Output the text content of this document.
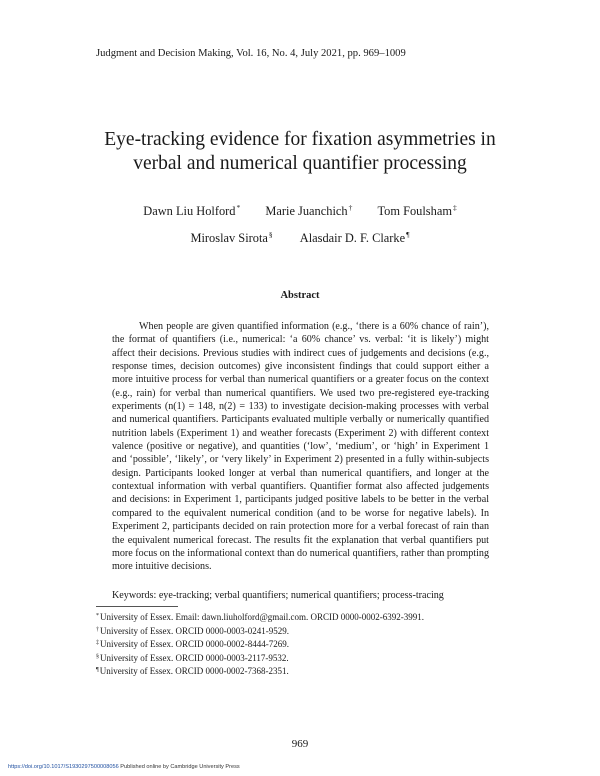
Judgment and Decision Making, Vol. 16, No. 4, July 2021, pp. 969–1009
Eye-tracking evidence for fixation asymmetries in
verbal and numerical quantifier processing
Dawn Liu Holford* Marie Juanchich† Tom Foulsham‡
Miroslav Sirota§ Alasdair D. F. Clarke¶
Abstract

When people are given quantified information (e.g., ‘there is a 60% chance of rain’), the format of quantifiers (i.e., numerical: ‘a 60% chance’ vs. verbal: ‘it is likely’) might affect their decisions. Previous studies with indirect cues of judgements and decisions (e.g., response times, decision outcomes) give inconsistent findings that could support either a more intuitive process for verbal than numerical quantifiers or a greater focus on the context (e.g., rain) for verbal than numerical quantifiers. We used two pre-registered eye-tracking experiments (n(1) = 148, n(2) = 133) to investigate decision-making processes with verbal and numerical quantifiers. Participants evaluated multiple verbally or numerically quantified nutrition labels (Experiment 1) and weather forecasts (Experiment 2) with different context valence (positive or negative), and quantities (‘low’, ‘medium’, or ‘high’ in Experiment 1 and ‘possible’, ‘likely’, or ‘very likely’ in Experiment 2) presented in a fully within-subjects design. Participants looked longer at verbal than numerical quantifiers, and longer at the contextual information with verbal quantifiers. Quantifier format also affected judgements and decisions: in Experiment 1, participants judged positive labels to be better in the verbal compared to the equivalent numerical condition (and to be worse for negative labels). In Experiment 2, participants decided on rain protection more for a verbal forecast of rain than the equivalent numerical forecast. The results fit the explanation that verbal quantifiers put more focus on the informational context than do numerical quantifiers, rather than prompting more intuitive decisions.

Keywords: eye-tracking; verbal quantifiers; numerical quantifiers; process-tracing
*University of Essex. Email: dawn.liuholford@gmail.com. ORCID 0000-0002-6392-3991.
†University of Essex. ORCID 0000-0003-0241-9529.
‡University of Essex. ORCID 0000-0002-8444-7269.
§University of Essex. ORCID 0000-0003-2117-9532.
¶University of Essex. ORCID 0000-0002-7368-2351.
969
https://doi.org/10.1017/S1930297500008056 Published online by Cambridge University Press
